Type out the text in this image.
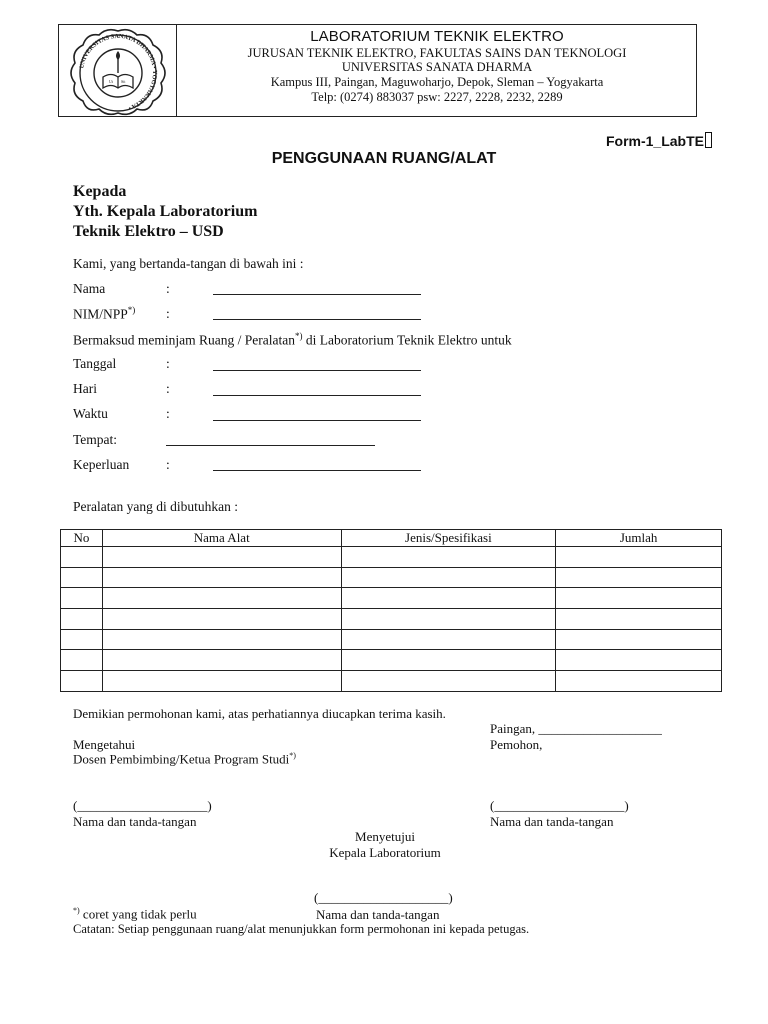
UNIVERSITAS SANATA DHARMA • YOGYAKARTA •
Ut Sit
LABORATORIUM TEKNIK ELEKTRO
JURUSAN TEKNIK ELEKTRO, FAKULTAS SAINS DAN TEKNOLOGI
UNIVERSITAS SANATA DHARMA
Kampus III, Paingan, Maguwoharjo, Depok, Sleman – Yogyakarta
Telp: (0274) 883037 psw: 2227, 2228, 2232, 2289
Form-1_LabTE
PENGGUNAAN RUANG/ALAT
Kepada
Yth. Kepala Laboratorium
Teknik Elektro – USD
Kami, yang bertanda-tangan di bawah ini :
Nama	:
NIM/NPP*) :
Bermaksud meminjam Ruang / Peralatan*) di Laboratorium Teknik Elektro untuk
Tanggal	:
Hari	:
Waktu	:
Tempat:
Keperluan	:
Peralatan yang di dibutuhkan :
No	Nama Alat	Jenis/Spesifikasi	Jumlah

Demikian permohonan kami, atas perhatiannya diucapkan terima kasih.
Paingan, ___________________
Mengetahui
Dosen Pembimbing/Ketua Program Studi*)
(____________________)
Nama dan tanda-tangan
Pemohon,
(____________________)
Nama dan tanda-tangan
Menyetujui
Kepala Laboratorium
(____________________)
Nama dan tanda-tangan
*) coret yang tidak perlu
Catatan: Setiap penggunaan ruang/alat menunjukkan form permohonan ini kepada petugas.
